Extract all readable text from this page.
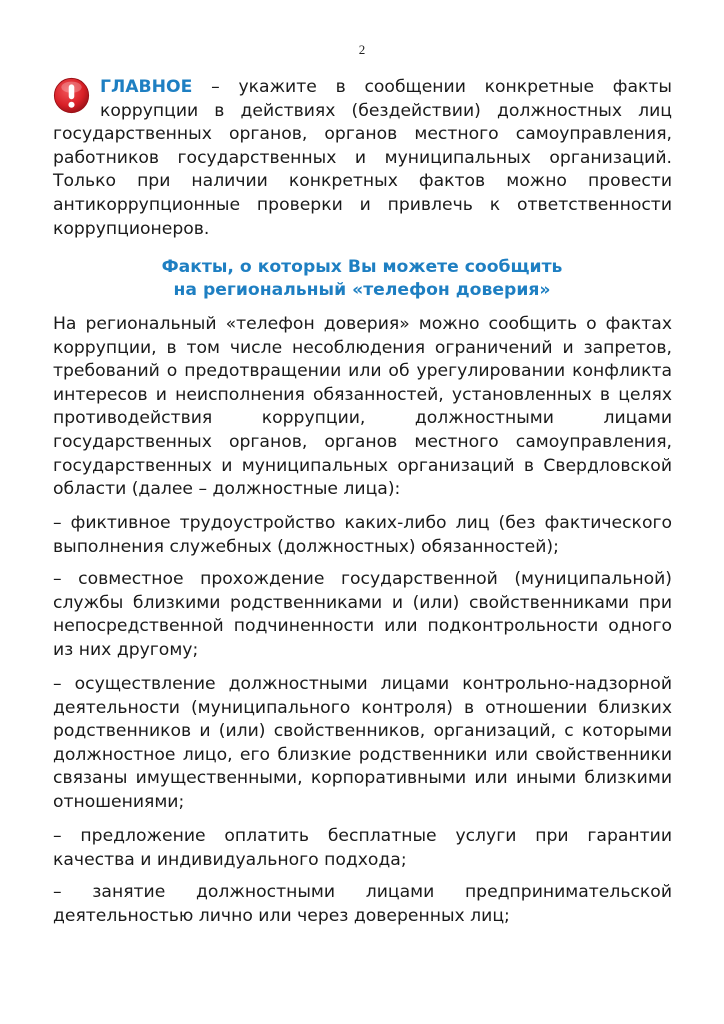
2
ГЛАВНОЕ – укажите в сообщении конкретные факты коррупции в действиях (бездействии) должностных лиц государственных органов, органов местного самоуправления, работников государственных и муниципальных организаций. Только при наличии конкретных фактов можно провести антикоррупционные проверки и привлечь к ответственности коррупционеров.
Факты, о которых Вы можете сообщить
на региональный «телефон доверия»
На региональный «телефон доверия» можно сообщить о фактах коррупции, в том числе несоблюдения ограничений и запретов, требований о предотвращении или об урегулировании конфликта интересов и неисполнения обязанностей, установленных в целях противодействия коррупции, должностными лицами государственных органов, органов местного самоуправления, государственных и муниципальных организаций в Свердловской области (далее – должностные лица):
– фиктивное трудоустройство каких-либо лиц (без фактического выполнения служебных (должностных) обязанностей);
– совместное прохождение государственной (муниципальной) службы близкими родственниками и (или) свойственниками при непосредственной подчиненности или подконтрольности одного из них другому;
– осуществление должностными лицами контрольно-надзорной деятельности (муниципального контроля) в отношении близких родственников и (или) свойственников, организаций, с которыми должностное лицо, его близкие родственники или свойственники связаны имущественными, корпоративными или иными близкими отношениями;
– предложение оплатить бесплатные услуги при гарантии качества и индивидуального подхода;
– занятие должностными лицами предпринимательской деятельностью лично или через доверенных лиц;
